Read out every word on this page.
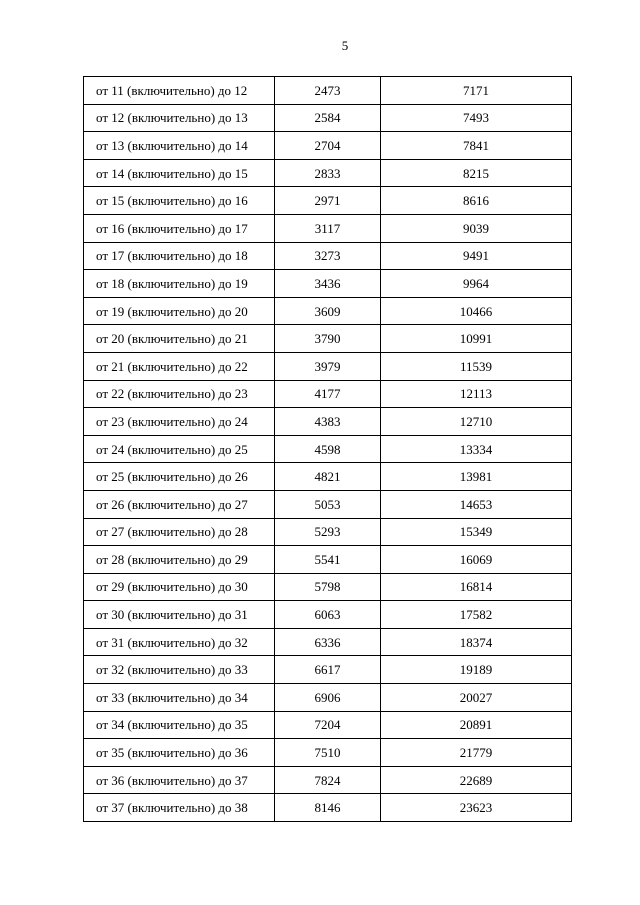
5
от 11 (включительно) до 12	2473	7171
от 12 (включительно) до 13	2584	7493
от 13 (включительно) до 14	2704	7841
от 14 (включительно) до 15	2833	8215
от 15 (включительно) до 16	2971	8616
от 16 (включительно) до 17	3117	9039
от 17 (включительно) до 18	3273	9491
от 18 (включительно) до 19	3436	9964
от 19 (включительно) до 20	3609	10466
от 20 (включительно) до 21	3790	10991
от 21 (включительно) до 22	3979	11539
от 22 (включительно) до 23	4177	12113
от 23 (включительно) до 24	4383	12710
от 24 (включительно) до 25	4598	13334
от 25 (включительно) до 26	4821	13981
от 26 (включительно) до 27	5053	14653
от 27 (включительно) до 28	5293	15349
от 28 (включительно) до 29	5541	16069
от 29 (включительно) до 30	5798	16814
от 30 (включительно) до 31	6063	17582
от 31 (включительно) до 32	6336	18374
от 32 (включительно) до 33	6617	19189
от 33 (включительно) до 34	6906	20027
от 34 (включительно) до 35	7204	20891
от 35 (включительно) до 36	7510	21779
от 36 (включительно) до 37	7824	22689
от 37 (включительно) до 38	8146	23623
